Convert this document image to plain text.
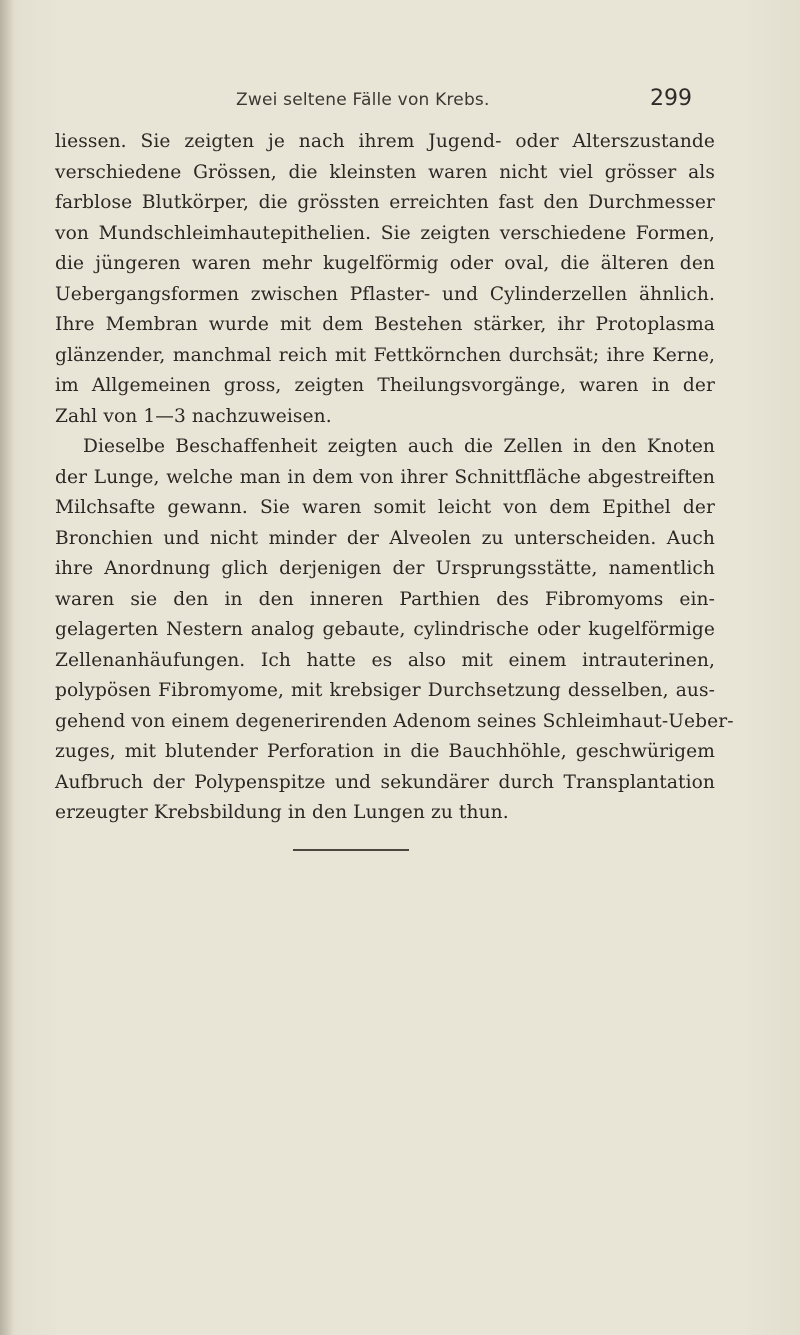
Zwei seltene Fälle von Krebs.	299
liessen. Sie zeigten je nach ihrem Jugend- oder Alterszustande
verschiedene Grössen, die kleinsten waren nicht viel grösser als
farblose Blutkörper, die grössten erreichten fast den Durchmesser
von Mundschleimhautepithelien. Sie zeigten verschiedene Formen,
die jüngeren waren mehr kugelförmig oder oval, die älteren den
Uebergangsformen zwischen Pflaster- und Cylinderzellen ähnlich.
Ihre Membran wurde mit dem Bestehen stärker, ihr Protoplasma
glänzender, manchmal reich mit Fettkörnchen durchsät; ihre Kerne,
im Allgemeinen gross, zeigten Theilungsvorgänge, waren in der
Zahl von 1—3 nachzuweisen.
Dieselbe Beschaffenheit zeigten auch die Zellen in den Knoten
der Lunge, welche man in dem von ihrer Schnittfläche abgestreiften
Milchsafte gewann. Sie waren somit leicht von dem Epithel der
Bronchien und nicht minder der Alveolen zu unterscheiden. Auch
ihre Anordnung glich derjenigen der Ursprungsstätte, namentlich
waren sie den in den inneren Parthien des Fibromyoms ein-
gelagerten Nestern analog gebaute, cylindrische oder kugelförmige
Zellenanhäufungen. Ich hatte es also mit einem intrauterinen,
polypösen Fibromyome, mit krebsiger Durchsetzung desselben, aus-
gehend von einem degenerirenden Adenom seines Schleimhaut-Ueber-
zuges, mit blutender Perforation in die Bauchhöhle, geschwürigem
Aufbruch der Polypenspitze und sekundärer durch Transplantation
erzeugter Krebsbildung in den Lungen zu thun.
